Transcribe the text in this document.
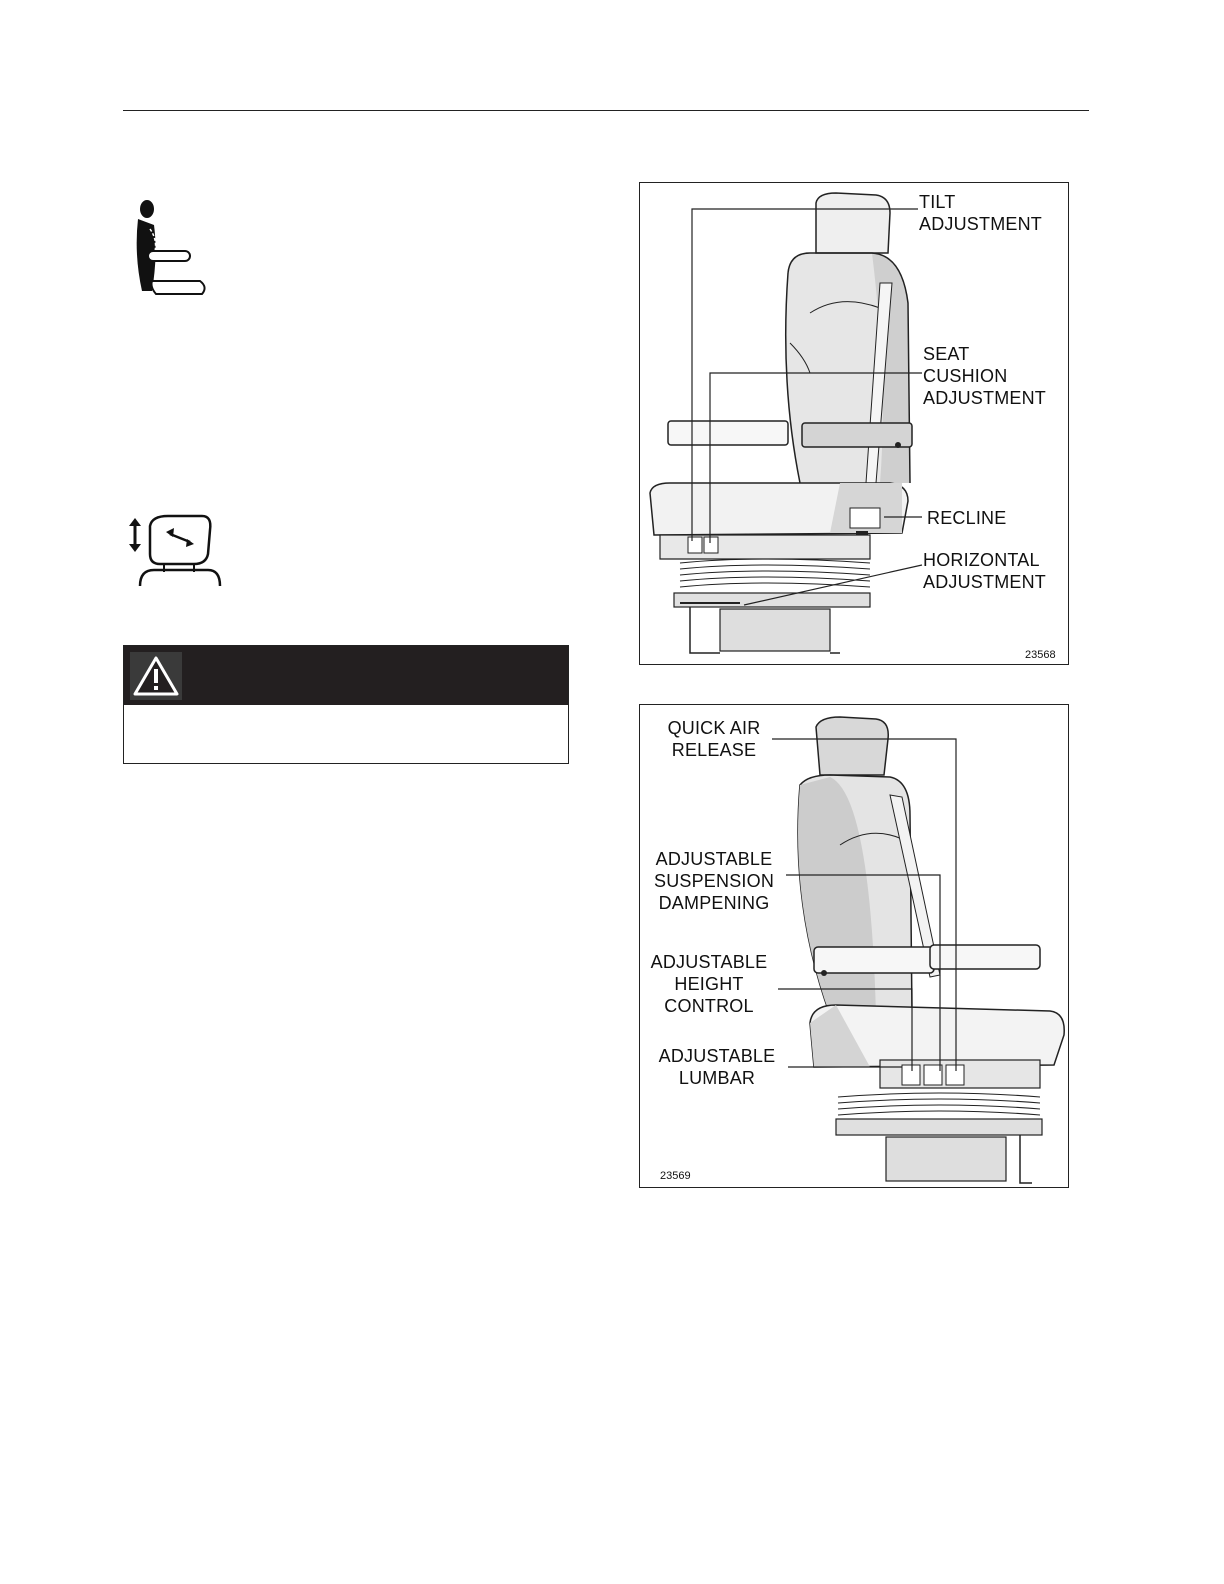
TILT
ADJUSTMENT
SEAT
CUSHION
ADJUSTMENT
RECLINE
HORIZONTAL
ADJUSTMENT
23568
QUICK AIR
RELEASE
ADJUSTABLE
SUSPENSION
DAMPENING
ADJUSTABLE
HEIGHT
CONTROL
ADJUSTABLE
LUMBAR
23569
